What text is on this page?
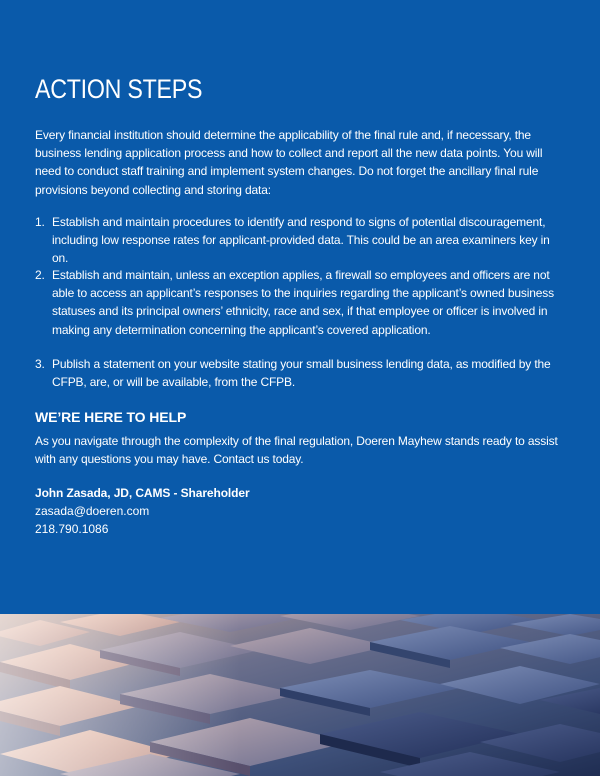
ACTION STEPS

Every financial institution should determine the applicability of the final rule and, if necessary, the business lending application process and how to collect and report all the new data points. You will need to conduct staff training and implement system changes. Do not forget the ancillary final rule provisions beyond collecting and storing data:

1. Establish and maintain procedures to identify and respond to signs of potential discouragement, including low response rates for applicant-provided data. This could be an area examiners key in on.
2. Establish and maintain, unless an exception applies, a firewall so employees and officers are not able to access an applicant’s responses to the inquiries regarding the applicant’s owned business statuses and its principal owners’ ethnicity, race and sex, if that employee or officer is involved in making any determination concerning the applicant’s covered application.
3. Publish a statement on your website stating your small business lending data, as modified by the CFPB, are, or will be available, from the CFPB.
WE’RE HERE TO HELP

As you navigate through the complexity of the final regulation, Doeren Mayhew stands ready to assist with any questions you may have. Contact us today.

John Zasada, JD, CAMS - Shareholder
zasada@doeren.com
218.790.1086
